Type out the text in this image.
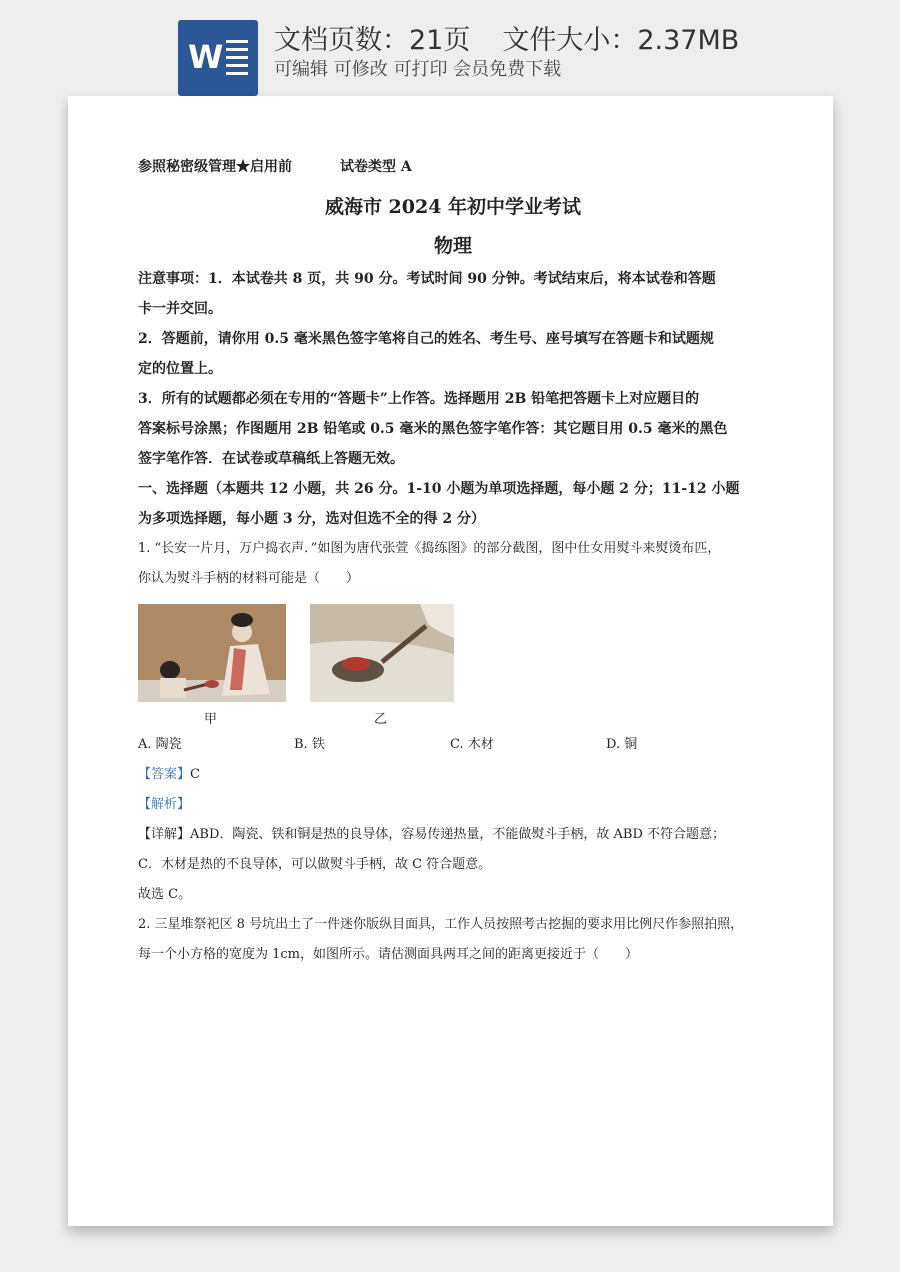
W 文档页数：21页 文件大小：2.37MB
可编辑 可修改 可打印 会员免费下载
参照秘密级管理★启用前	试卷类型 A
威海市 2024 年初中学业考试
物理

注意事项：1．本试卷共 8 页，共 90 分。考试时间 90 分钟。考试结束后，将本试卷和答题

卡一并交回。

2．答题前，请你用 0.5 毫米黑色签字笔将自己的姓名、考生号、座号填写在答题卡和试题规

定的位置上。

3．所有的试题都必须在专用的“答题卡”上作答。选择题用 2B 铅笔把答题卡上对应题目的

答案标号涂黑；作图题用 2B 铅笔或 0.5 毫米的黑色签字笔作答：其它题目用 0.5 毫米的黑色

签字笔作答．在试卷或草稿纸上答题无效。

一、选择题（本题共 12 小题，共 26 分。1-10 小题为单项选择题，每小题 2 分；11-12 小题

为多项选择题，每小题 3 分，选对但选不全的得 2 分）

1. “长安一片月，万户捣衣声．”如图为唐代张萱《捣练图》的部分截图，图中仕女用熨斗来熨烫布匹，

你认为熨斗手柄的材料可能是（　　）

甲	乙
A. 陶瓷	B. 铁	C. 木材	D. 铜

【答案】C

【解析】

【详解】ABD．陶瓷、铁和铜是热的良导体，容易传递热量，不能做熨斗手柄，故 ABD 不符合题意；

C．木材是热的不良导体，可以做熨斗手柄，故 C 符合题意。

故选 C。

2. 三星堆祭祀区 8 号坑出土了一件迷你版纵目面具，工作人员按照考古挖掘的要求用比例尺作参照拍照，

每一个小方格的宽度为 1cm，如图所示。请估测面具两耳之间的距离更接近于（　　）
